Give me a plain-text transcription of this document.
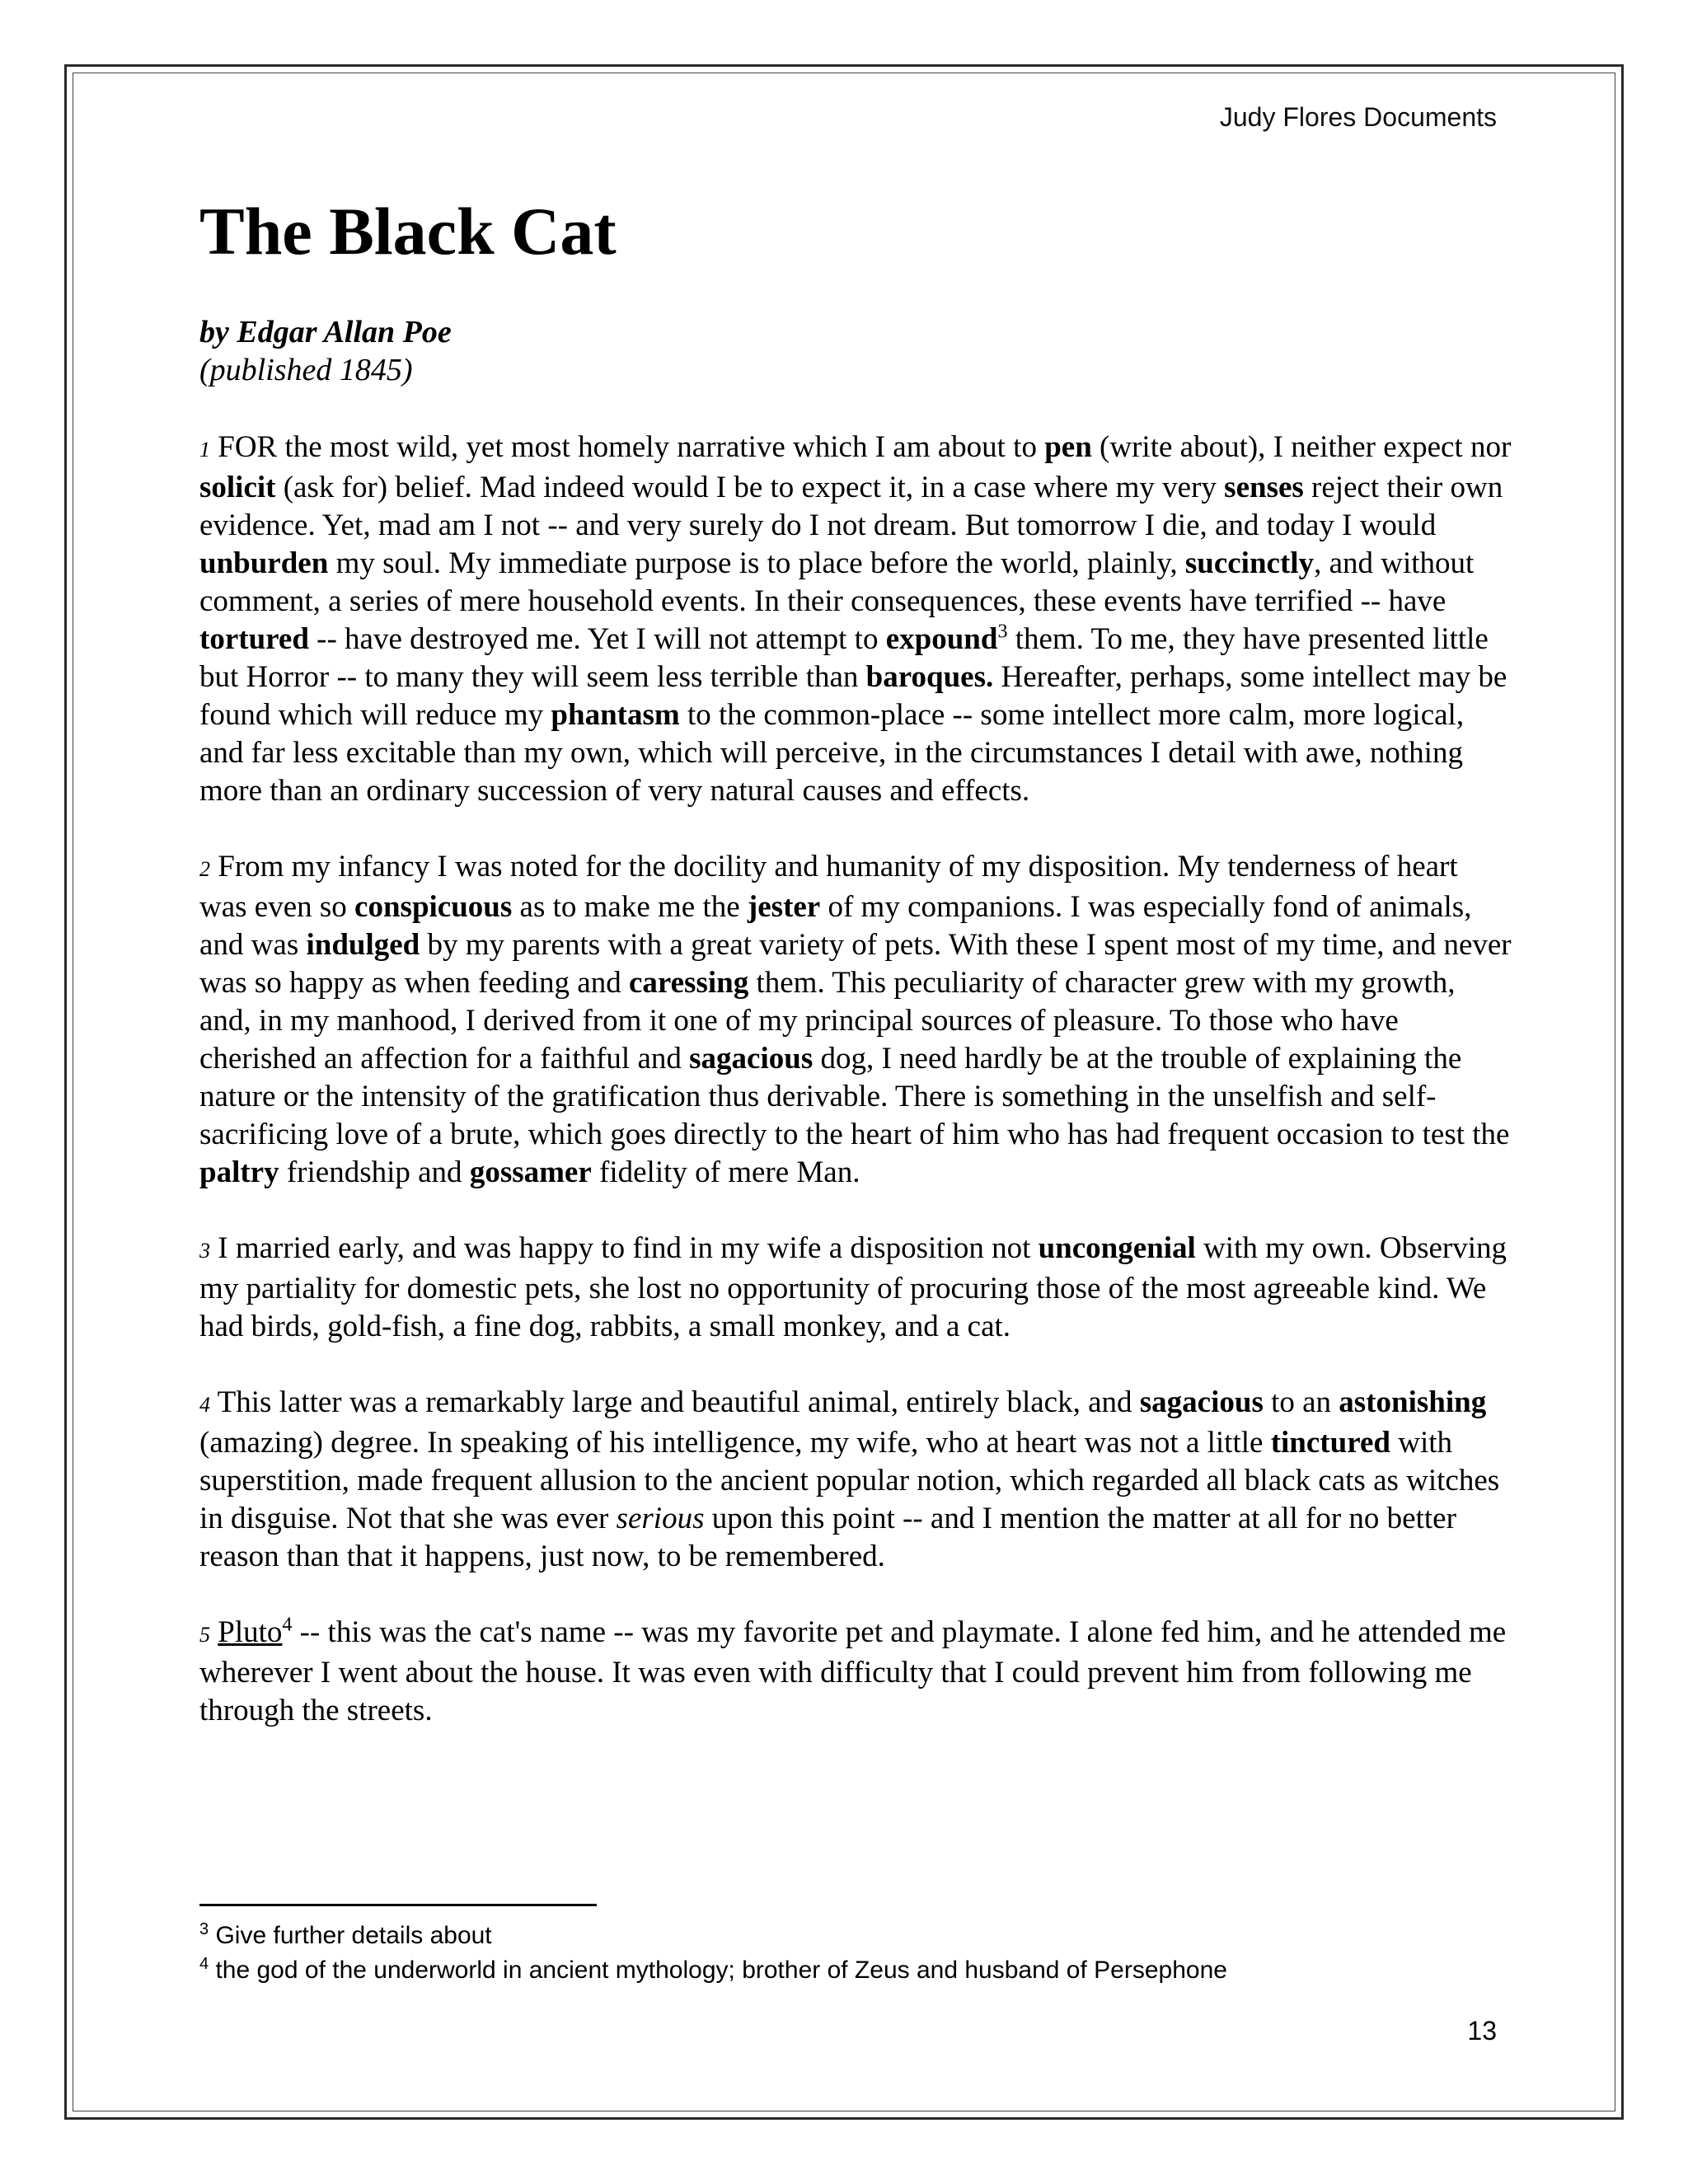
Judy Flores Documents
The Black Cat
by Edgar Allan Poe
(published 1845)

1 FOR the most wild, yet most homely narrative which I am about to pen (write about), I neither expect nor solicit (ask for) belief. Mad indeed would I be to expect it, in a case where my very senses reject their own evidence. Yet, mad am I not -- and very surely do I not dream. But tomorrow I die, and today I would unburden my soul. My immediate purpose is to place before the world, plainly, succinctly, and without comment, a series of mere household events. In their consequences, these events have terrified -- have tortured -- have destroyed me. Yet I will not attempt to expound$^3$ them. To me, they have presented little but Horror -- to many they will seem less terrible than baroques. Hereafter, perhaps, some intellect may be found which will reduce my phantasm to the common-place -- some intellect more calm, more logical, and far less excitable than my own, which will perceive, in the circumstances I detail with awe, nothing more than an ordinary succession of very natural causes and effects.

2 From my infancy I was noted for the docility and humanity of my disposition. My tenderness of heart was even so conspicuous as to make me the jester of my companions. I was especially fond of animals, and was indulged by my parents with a great variety of pets. With these I spent most of my time, and never was so happy as when feeding and caressing them. This peculiarity of character grew with my growth, and, in my manhood, I derived from it one of my principal sources of pleasure. To those who have cherished an affection for a faithful and sagacious dog, I need hardly be at the trouble of explaining the nature or the intensity of the gratification thus derivable. There is something in the unselfish and self-sacrificing love of a brute, which goes directly to the heart of him who has had frequent occasion to test the paltry friendship and gossamer fidelity of mere Man.

3 I married early, and was happy to find in my wife a disposition not uncongenial with my own. Observing my partiality for domestic pets, she lost no opportunity of procuring those of the most agreeable kind. We had birds, gold-fish, a fine dog, rabbits, a small monkey, and a cat.

4 This latter was a remarkably large and beautiful animal, entirely black, and sagacious to an astonishing (amazing) degree. In speaking of his intelligence, my wife, who at heart was not a little tinctured with superstition, made frequent allusion to the ancient popular notion, which regarded all black cats as witches in disguise. Not that she was ever serious upon this point -- and I mention the matter at all for no better reason than that it happens, just now, to be remembered.

5 Pluto$^4$ -- this was the cat's name -- was my favorite pet and playmate. I alone fed him, and he attended me wherever I went about the house. It was even with difficulty that I could prevent him from following me through the streets.

$^3$ Give further details about
$^4$ the god of the underworld in ancient mythology; brother of Zeus and husband of Persephone
13
